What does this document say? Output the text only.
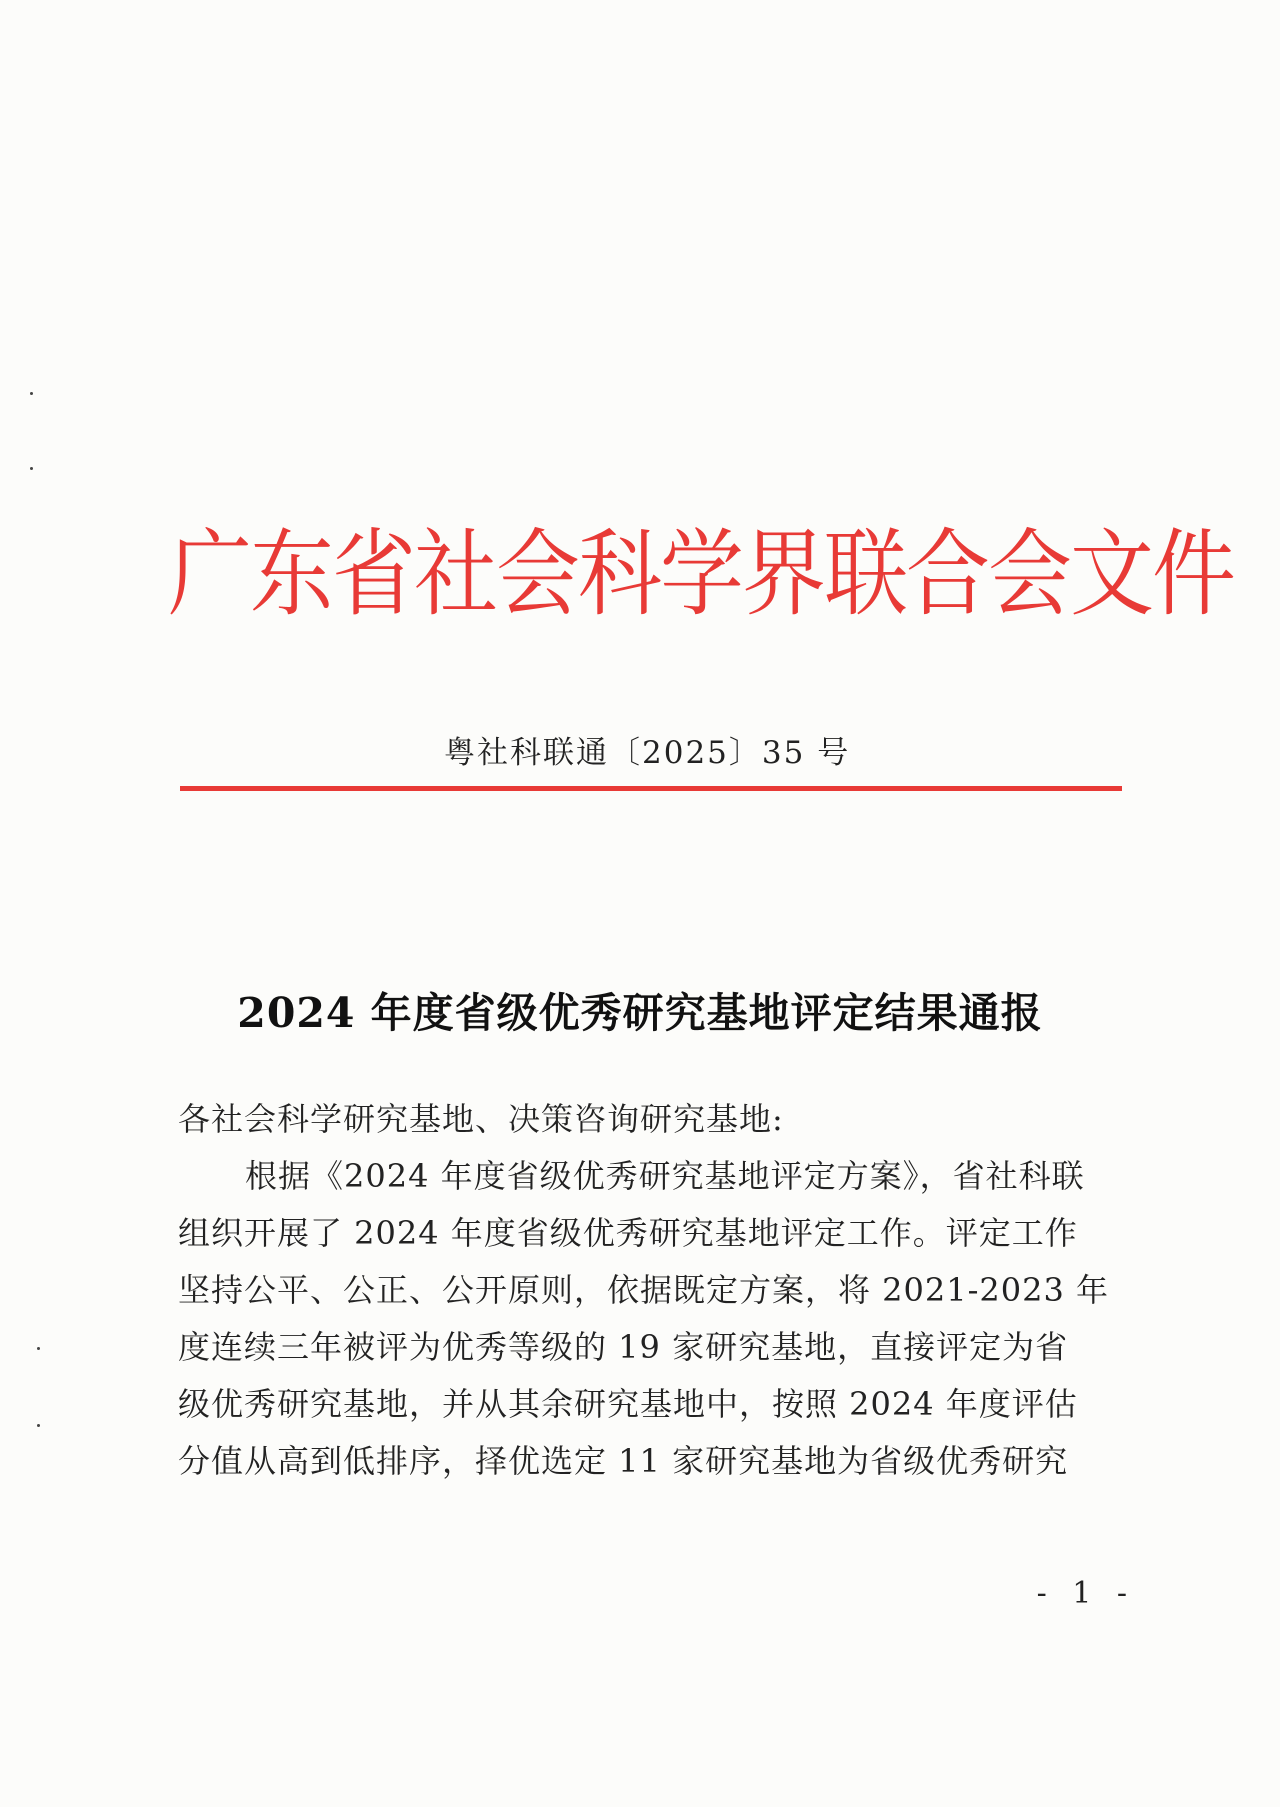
广东省社会科学界联合会文件
粤社科联通〔2025〕35 号
2024 年度省级优秀研究基地评定结果通报
各社会科学研究基地、决策咨询研究基地:
根据《2024 年度省级优秀研究基地评定方案》，省社科联
组织开展了 2024 年度省级优秀研究基地评定工作。评定工作
坚持公平、公正、公开原则，依据既定方案，将 2021-2023 年
度连续三年被评为优秀等级的 19 家研究基地，直接评定为省
级优秀研究基地，并从其余研究基地中，按照 2024 年度评估
分值从高到低排序，择优选定 11 家研究基地为省级优秀研究
- 1 -
